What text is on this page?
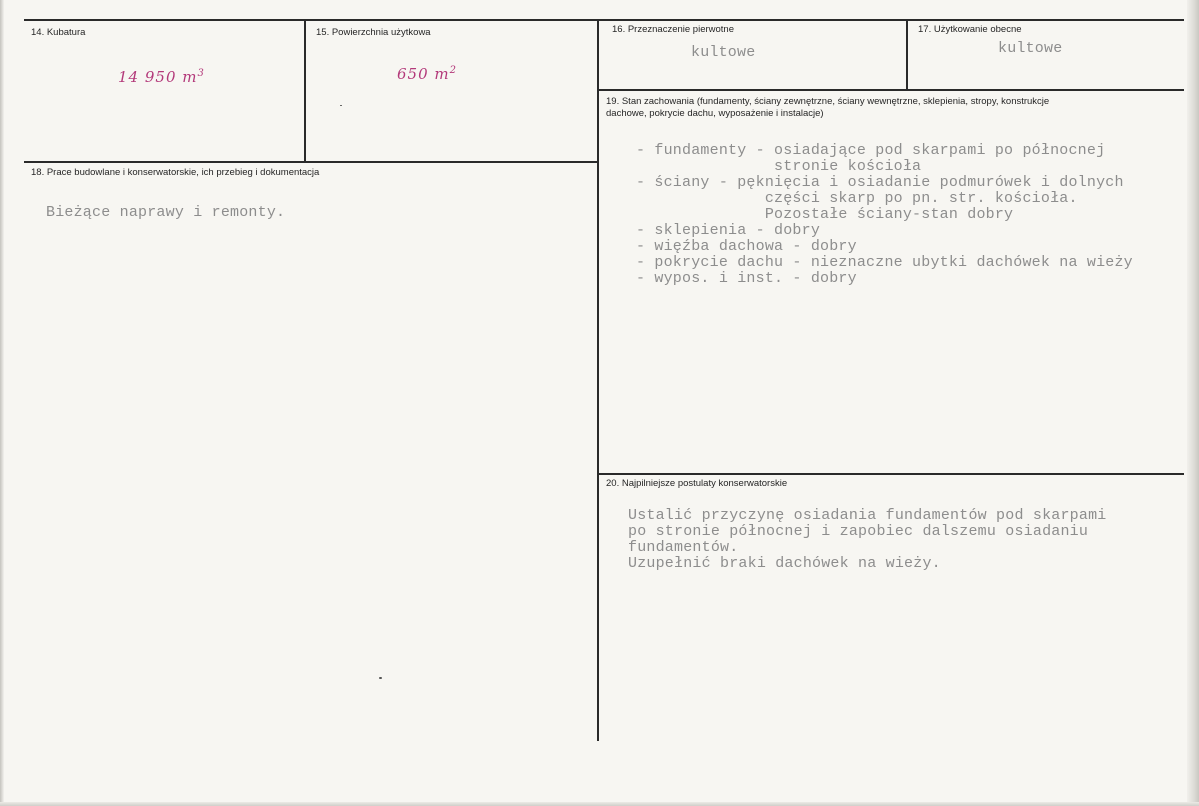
14. Kubatura
14 950 $m^3$
15. Powierzchnia użytkowa
650 $m^2$
16. Przeznaczenie pierwotne
kultowe
17. Użytkowanie obecne
kultowe
18. Prace budowlane i konserwatorskie, ich przebieg i dokumentacja
Bieżące naprawy i remonty.
19. Stan zachowania (fundamenty, ściany zewnętrzne, ściany wewnętrzne, sklepienia, stropy, konstrukcje dachowe, pokrycie dachu, wyposażenie i instalacje)
- fundamenty - osiadające pod skarpami po północnej
stronie kościoła
- ściany - pęknięcia i osiadanie podmurówek i dolnych
części skarp po pn. str. kościoła.
Pozostałe ściany-stan dobry
- sklepienia - dobry
- więźba dachowa - dobry
- pokrycie dachu - nieznaczne ubytki dachówek na wieży
- wypos. i inst. - dobry
20. Najpilniejsze postulaty konserwatorskie
Ustalić przyczynę osiadania fundamentów pod skarpami
po stronie północnej i zapobiec dalszemu osiadaniu
fundamentów.
Uzupełnić braki dachówek na wieży.
